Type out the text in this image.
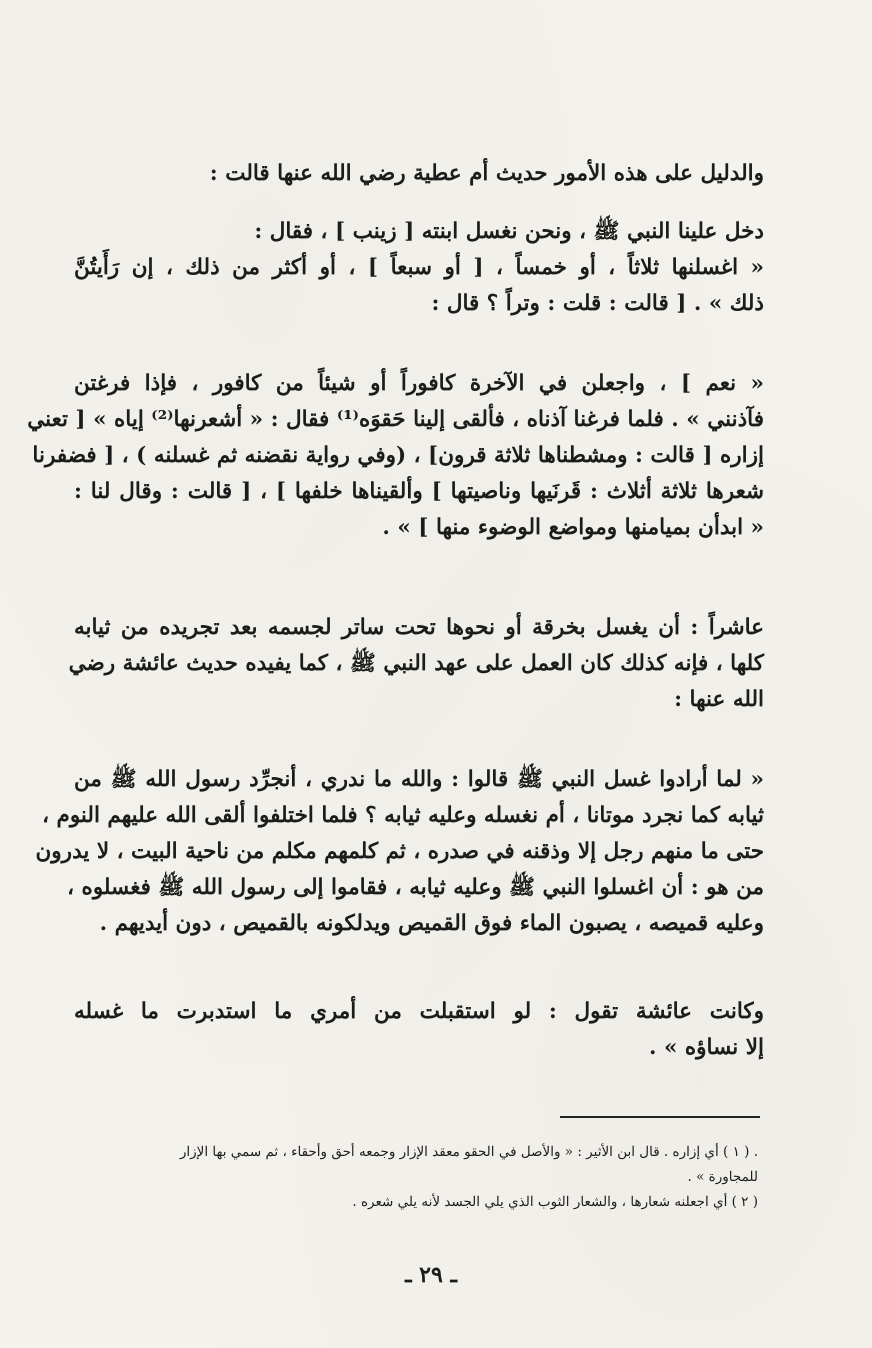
والدليل على هذه الأمور حديث أم عطية رضي الله عنها قالت :
دخل علينا النبي ﷺ ، ونحن نغسل ابنته [ زينب ] ، فقال :
« اغسلنها ثلاثاً ، أو خمساً ، [ أو سبعاً ] ، أو أكثر من ذلك ، إن رَأَيتُنَّ
ذلك » . [ قالت : قلت : وتراً ؟ قال :
« نعم ] ، واجعلن في الآخرة كافوراً أو شيئاً من كافور ، فإذا فرغتن
فآذنني » . فلما فرغنا آذناه ، فألقى إلينا حَقوَه⁽¹⁾ فقال : « أشعرنها⁽²⁾ إياه » [ تعني
إزاره [ قالت : ومشطناها ثلاثة قرون] ، (وفي رواية نقضنه ثم غسلنه ) ، [ فضفرنا
شعرها ثلاثة أثلاث : قَرنَيها وناصيتها ] وألقيناها خلفها ] ، [ قالت : وقال لنا :
« ابدأن بميامنها ومواضع الوضوء منها ] » .
عاشراً : أن يغسل بخرقة أو نحوها تحت ساتر لجسمه بعد تجريده من ثيابه
كلها ، فإنه كذلك كان العمل على عهد النبي ﷺ ، كما يفيده حديث عائشة رضي
الله عنها :
« لما أرادوا غسل النبي ﷺ قالوا : والله ما ندري ، أنجرِّد رسول الله ﷺ من
ثيابه كما نجرد موتانا ، أم نغسله وعليه ثيابه ؟ فلما اختلفوا ألقى الله عليهم النوم ،
حتى ما منهم رجل إلا وذقنه في صدره ، ثم كلمهم مكلم من ناحية البيت ، لا يدرون
من هو : أن اغسلوا النبي ﷺ وعليه ثيابه ، فقاموا إلى رسول الله ﷺ فغسلوه ،
وعليه قميصه ، يصبون الماء فوق القميص ويدلكونه بالقميص ، دون أيديهم .
وكانت عائشة تقول : لو استقبلت من أمري ما استدبرت ما غسله
إلا نساؤه » .
. ( ١ ) أي إزاره . قال ابن الأثير : « والأصل في الحقو معقد الإزار وجمعه أحق وأحقاء ، ثم سمي بها الإزار
للمجاورة » .
( ٢ ) أي اجعلنه شعارها ، والشعار الثوب الذي يلي الجسد لأنه يلي شعره .
ـ ٢٩ ـ
